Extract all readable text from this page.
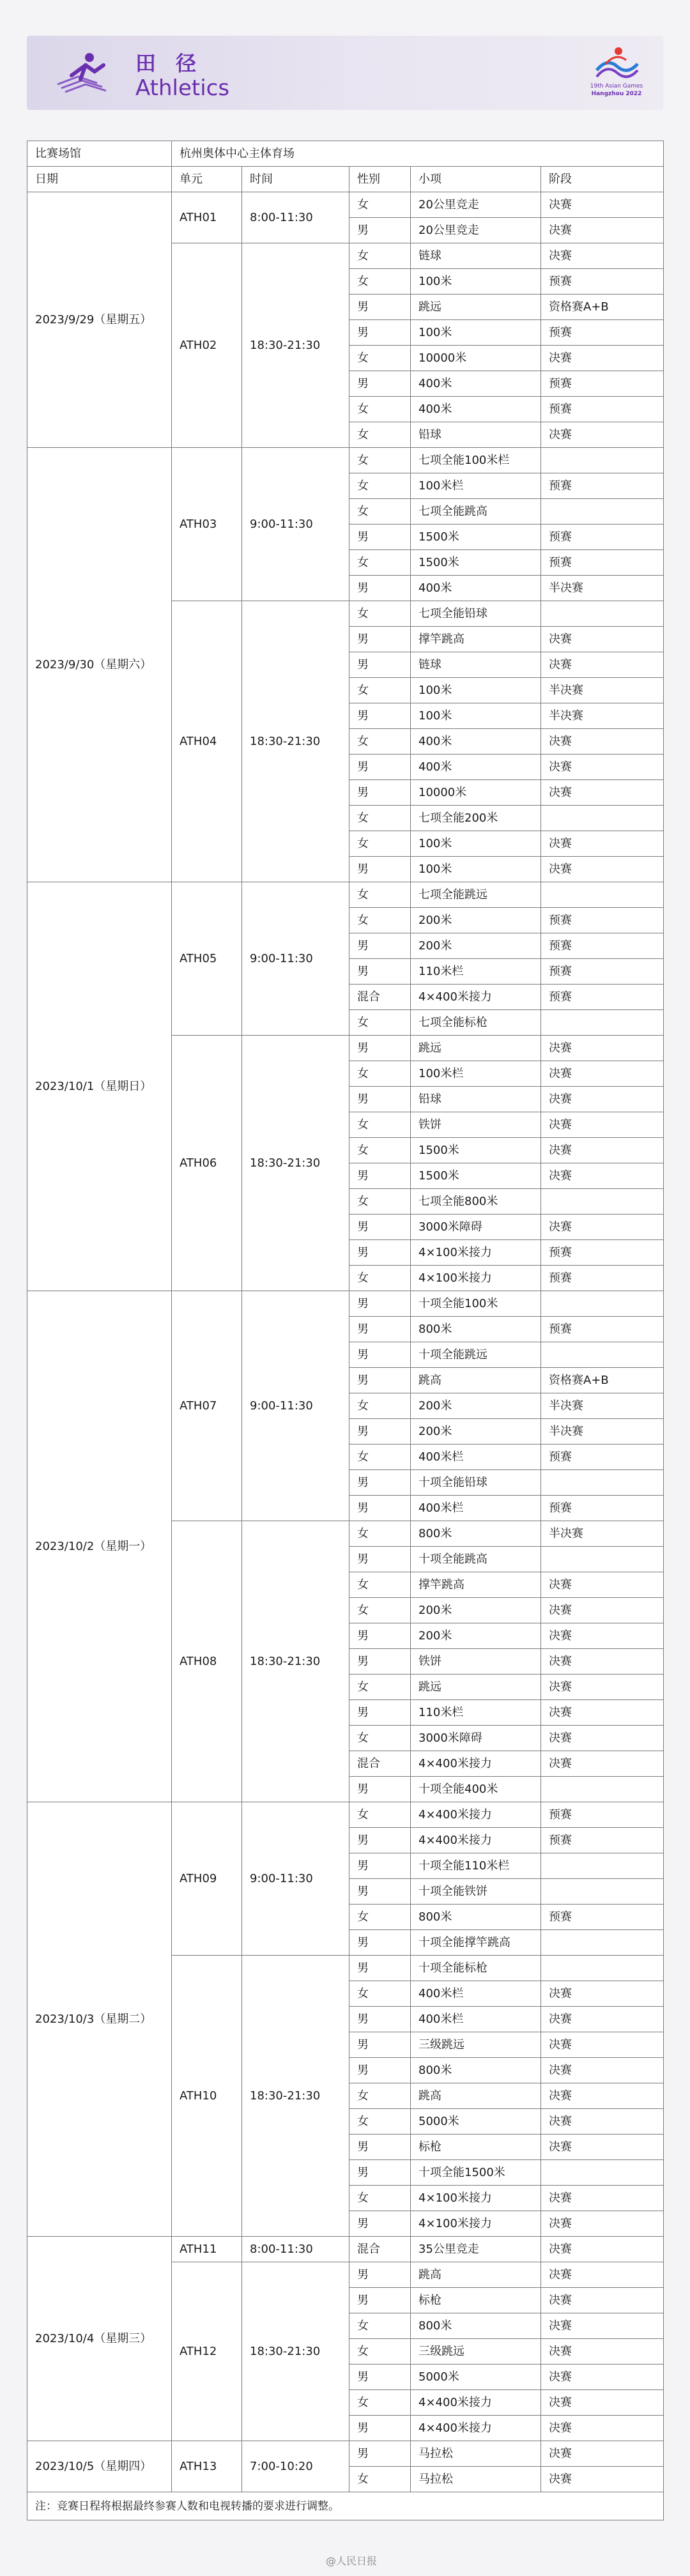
田 径
Athletics	19th Asian Games
Hangzhou 2022
比赛场馆	杭州奥体中心主体育场				
日期	单元	时间	性别	小项	阶段
2023/9/29（星期五）	ATH01	8:00-11:30	女	20公里竞走	决赛
			男	20公里竞走	决赛
	ATH02	18:30-21:30	女	链球	决赛
			女	100米	预赛
			男	跳远	资格赛A+B
			男	100米	预赛
			女	10000米	决赛
			男	400米	预赛
			女	400米	预赛
			女	铅球	决赛
2023/9/30（星期六）	ATH03	9:00-11:30	女	七项全能100米栏	
			女	100米栏	预赛
			女	七项全能跳高	
			男	1500米	预赛
			女	1500米	预赛
			男	400米	半决赛
	ATH04	18:30-21:30	女	七项全能铅球	
			男	撑竿跳高	决赛
			男	链球	决赛
			女	100米	半决赛
			男	100米	半决赛
			女	400米	决赛
			男	400米	决赛
			男	10000米	决赛
			女	七项全能200米	
			女	100米	决赛
			男	100米	决赛
2023/10/1（星期日）	ATH05	9:00-11:30	女	七项全能跳远	
			女	200米	预赛
			男	200米	预赛
			男	110米栏	预赛
			混合	4×400米接力	预赛
			女	七项全能标枪	
	ATH06	18:30-21:30	男	跳远	决赛
			女	100米栏	决赛
			男	铅球	决赛
			女	铁饼	决赛
			女	1500米	决赛
			男	1500米	决赛
			女	七项全能800米	
			男	3000米障碍	决赛
			男	4×100米接力	预赛
			女	4×100米接力	预赛
2023/10/2（星期一）	ATH07	9:00-11:30	男	十项全能100米	
			男	800米	预赛
			男	十项全能跳远	
			男	跳高	资格赛A+B
			女	200米	半决赛
			男	200米	半决赛
			女	400米栏	预赛
			男	十项全能铅球	
			男	400米栏	预赛
	ATH08	18:30-21:30	女	800米	半决赛
			男	十项全能跳高	
			女	撑竿跳高	决赛
			女	200米	决赛
			男	200米	决赛
			男	铁饼	决赛
			女	跳远	决赛
			男	110米栏	决赛
			女	3000米障碍	决赛
			混合	4×400米接力	决赛
			男	十项全能400米	
2023/10/3（星期二）	ATH09	9:00-11:30	女	4×400米接力	预赛
			男	4×400米接力	预赛
			男	十项全能110米栏	
			男	十项全能铁饼	
			女	800米	预赛
			男	十项全能撑竿跳高	
	ATH10	18:30-21:30	男	十项全能标枪	
			女	400米栏	决赛
			男	400米栏	决赛
			男	三级跳远	决赛
			男	800米	决赛
			女	跳高	决赛
			女	5000米	决赛
			男	标枪	决赛
			男	十项全能1500米	
			女	4×100米接力	决赛
			男	4×100米接力	决赛
2023/10/4（星期三）	ATH11	8:00-11:30	混合	35公里竞走	决赛
	ATH12	18:30-21:30	男	跳高	决赛
			男	标枪	决赛
			女	800米	决赛
			女	三级跳远	决赛
			男	5000米	决赛
			女	4×400米接力	决赛
			男	4×400米接力	决赛
2023/10/5（星期四）	ATH13	7:00-10:20	男	马拉松	决赛
			女	马拉松	决赛
注：竞赛日程将根据最终参赛人数和电视转播的要求进行调整。					
@人民日报
